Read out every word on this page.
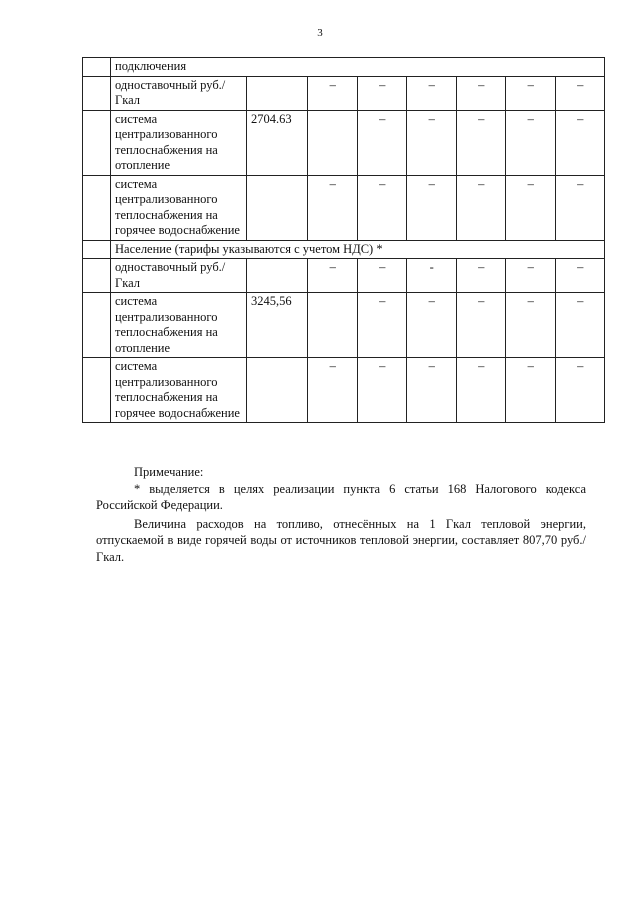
3
	подключения							
	одноставочный руб./Гкал		–	–	–	–	–	–
	система централизованного теплоснабжения на отопление	2704.63		–	–	–	–	–
	система централизованного теплоснабжения на горячее водоснабжение		–	–	–	–	–	–
	Население (тарифы указываются с учетом НДС) *							
	одноставочный руб./Гкал		–	–	-	–	–	–
	система централизованного теплоснабжения на отопление	3245,56		–	–	–	–	–
	система централизованного теплоснабжения на горячее водоснабжение		–	–	–	–	–	–

Примечание:

* выделяется в целях реализации пункта 6 статьи 168 Налогового кодекса Российской Федерации.

Величина расходов на топливо, отнесённых на 1 Гкал тепловой энергии, отпускаемой в виде горячей воды от источников тепловой энергии, составляет 807,70 руб./Гкал.
